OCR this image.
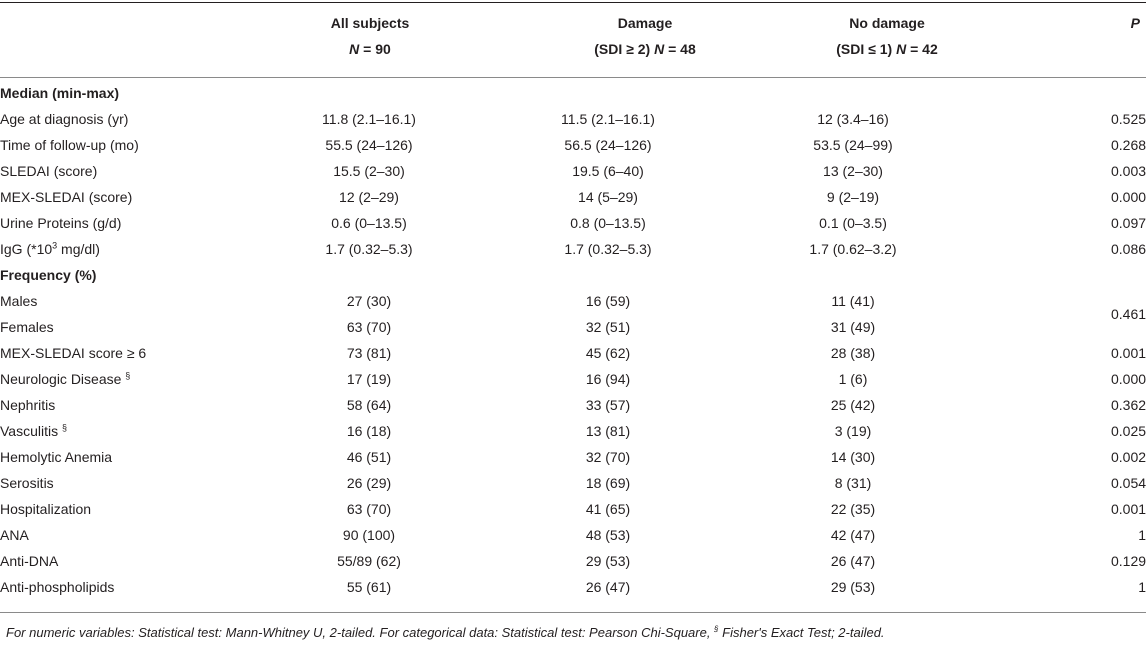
All subjects
N = 90
Damage
(SDI ≥ 2) N = 48
No damage
(SDI ≤ 1) N = 42
P
Median (min-max)				
Age at diagnosis (yr)	11.8 (2.1–16.1)	11.5 (2.1–16.1)	12 (3.4–16)	0.525
Time of follow-up (mo)	55.5 (24–126)	56.5 (24–126)	53.5 (24–99)	0.268
SLEDAI (score)	15.5 (2–30)	19.5 (6–40)	13 (2–30)	0.003
MEX-SLEDAI (score)	12 (2–29)	14 (5–29)	9 (2–19)	0.000
Urine Proteins (g/d)	0.6 (0–13.5)	0.8 (0–13.5)	0.1 (0–3.5)	0.097
IgG ($*10^3$ mg/dl)	1.7 (0.32–5.3)	1.7 (0.32–5.3)	1.7 (0.62–3.2)	0.086
Frequency (%)				
Males	27 (30)	16 (59)	11 (41)	0.461
Females	63 (70)	32 (51)	31 (49)	
MEX-SLEDAI score ≥ 6	73 (81)	45 (62)	28 (38)	0.001
Neurologic Disease §	17 (19)	16 (94)	1 (6)	0.000
Nephritis	58 (64)	33 (57)	25 (42)	0.362
Vasculitis §	16 (18)	13 (81)	3 (19)	0.025
Hemolytic Anemia	46 (51)	32 (70)	14 (30)	0.002
Serositis	26 (29)	18 (69)	8 (31)	0.054
Hospitalization	63 (70)	41 (65)	22 (35)	0.001
ANA	90 (100)	48 (53)	42 (47)	1
Anti-DNA	55/89 (62)	29 (53)	26 (47)	0.129
Anti-phospholipids	55 (61)	26 (47)	29 (53)	1
For numeric variables: Statistical test: Mann-Whitney U, 2-tailed. For categorical data: Statistical test: Pearson Chi-Square, § Fisher's Exact Test; 2-tailed.
